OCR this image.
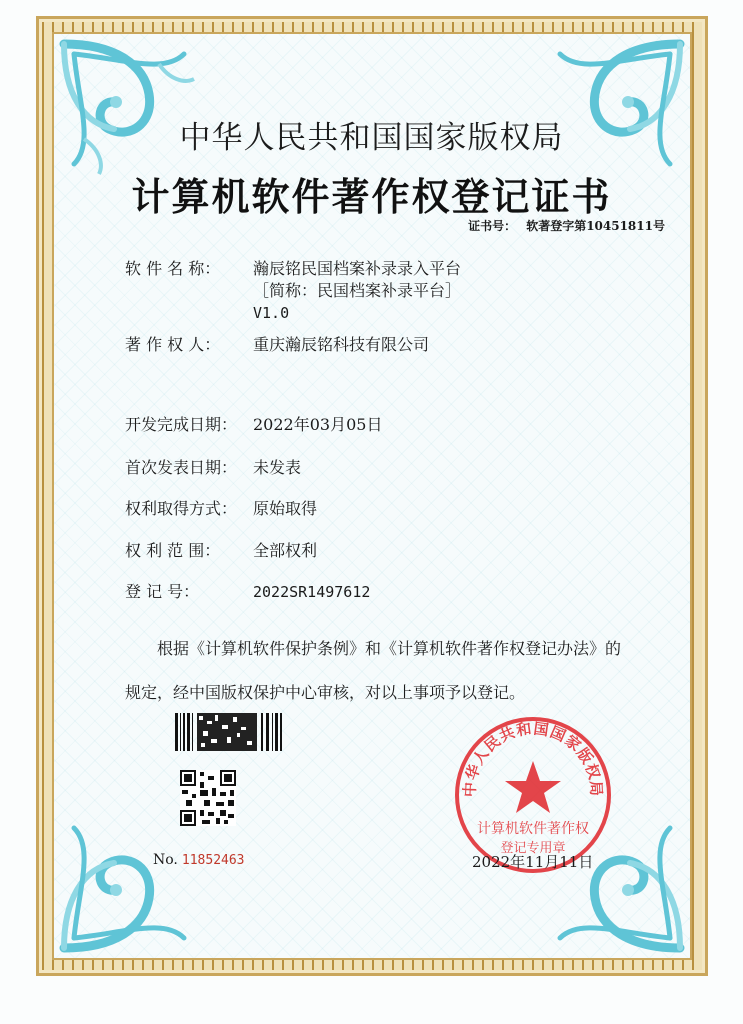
中华人民共和国国家版权局
计算机软件著作权登记证书
证书号： 软著登字第10451811号
软 件 名 称： 瀚辰铭民国档案补录录入平台
［简称：民国档案补录平台］
V1.0
著 作 权 人： 重庆瀚辰铭科技有限公司
开发完成日期： 2022年03月05日
首次发表日期： 未发表
权利取得方式： 原始取得
权 利 范 围： 全部权利
登 记 号：	2022SR1497612
根据《计算机软件保护条例》和《计算机软件著作权登记办法》的
规定，经中国版权保护中心审核，对以上事项予以登记。
No. 11852463
中华人民共和国国家版权局
计算机软件著作权
登记专用章
2022年11月11日
